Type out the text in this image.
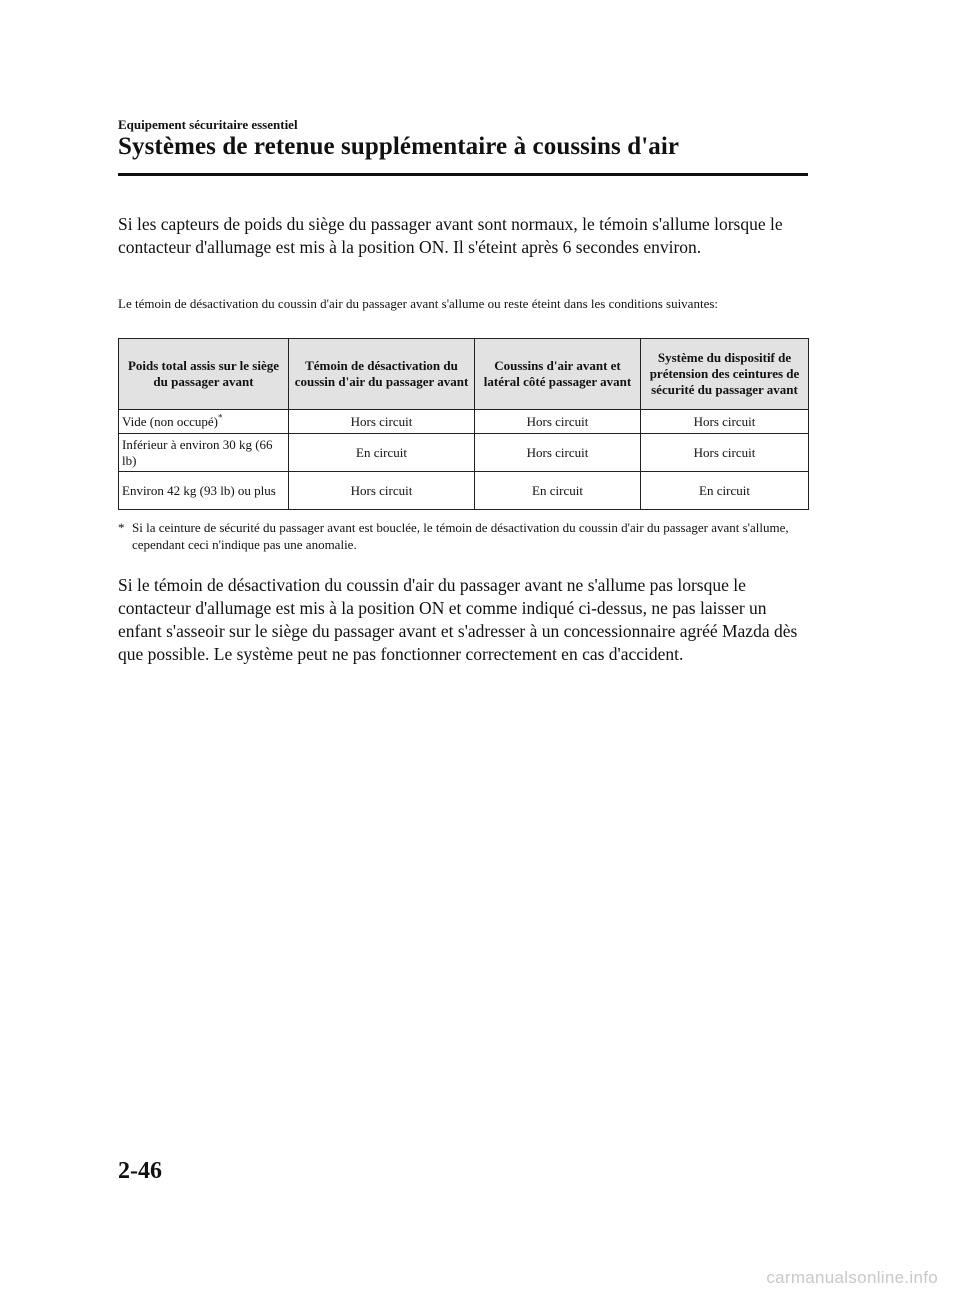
Equipement sécuritaire essentiel
Systèmes de retenue supplémentaire à coussins d'air

Si les capteurs de poids du siège du passager avant sont normaux, le témoin s'allume lorsque le contacteur d'allumage est mis à la position ON. Il s'éteint après 6 secondes environ.

Le témoin de désactivation du coussin d'air du passager avant s'allume ou reste éteint dans les conditions suivantes:

Poids total assis sur le siège du passager avant	Témoin de désactivation du coussin d'air du passager avant	Coussins d'air avant et latéral côté passager avant	Système du dispositif de prétension des ceintures de sécurité du passager avant
Vide (non occupé)*	Hors circuit	Hors circuit	Hors circuit
Inférieur à environ 30 kg (66 lb)	En circuit	Hors circuit	Hors circuit
Environ 42 kg (93 lb) ou plus	Hors circuit	En circuit	En circuit
* Si la ceinture de sécurité du passager avant est bouclée, le témoin de désactivation du coussin d'air du passager avant s'allume, cependant ceci n'indique pas une anomalie.

Si le témoin de désactivation du coussin d'air du passager avant ne s'allume pas lorsque le contacteur d'allumage est mis à la position ON et comme indiqué ci-dessus, ne pas laisser un enfant s'asseoir sur le siège du passager avant et s'adresser à un concessionnaire agréé Mazda dès que possible. Le système peut ne pas fonctionner correctement en cas d'accident.

2-46
carmanualsonline.info
